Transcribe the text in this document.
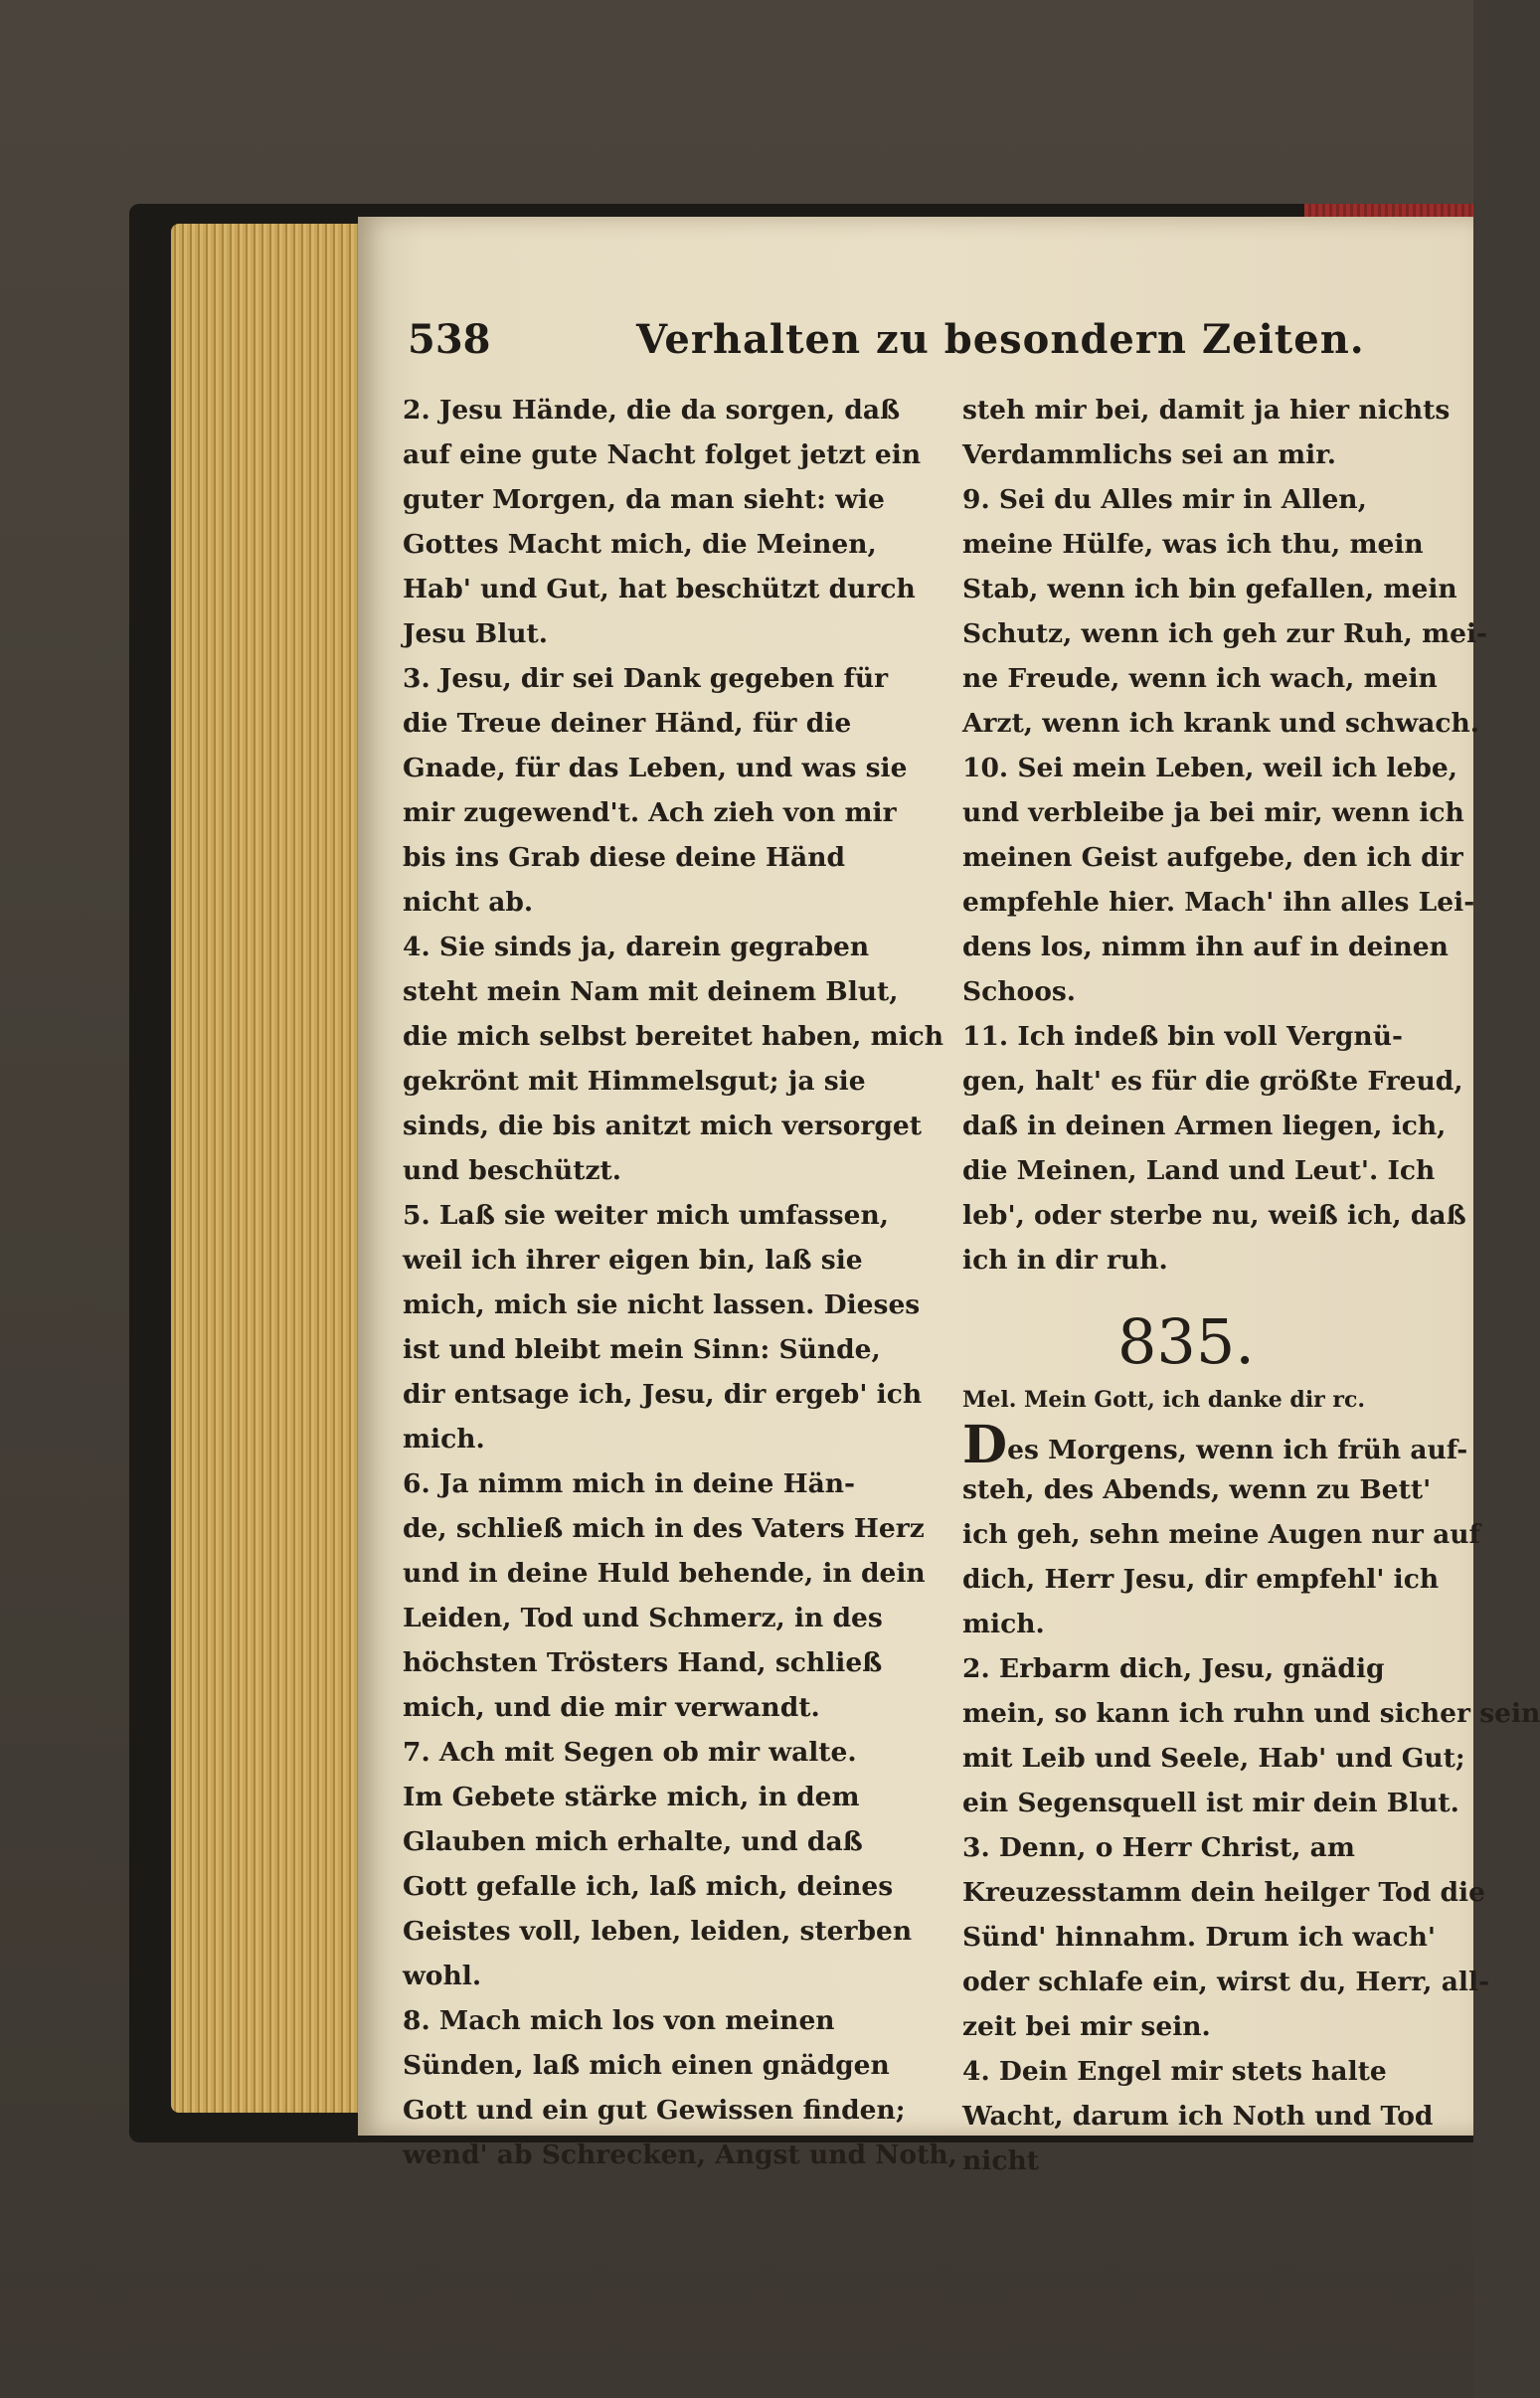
538	Verhalten zu besondern Zeiten.
2. Jesu Hände, die da sorgen, daß
auf eine gute Nacht folget jetzt ein
guter Morgen, da man sieht: wie
Gottes Macht mich, die Meinen,
Hab' und Gut, hat beschützt durch
Jesu Blut.
3. Jesu, dir sei Dank gegeben für
die Treue deiner Händ, für die
Gnade, für das Leben, und was sie
mir zugewend't. Ach zieh von mir
bis ins Grab diese deine Händ
nicht ab.
4. Sie sinds ja, darein gegraben
steht mein Nam mit deinem Blut,
die mich selbst bereitet haben, mich
gekrönt mit Himmelsgut; ja sie
sinds, die bis anitzt mich versorget
und beschützt.
5. Laß sie weiter mich umfassen,
weil ich ihrer eigen bin, laß sie
mich, mich sie nicht lassen. Dieses
ist und bleibt mein Sinn: Sünde,
dir entsage ich, Jesu, dir ergeb' ich
mich.
6. Ja nimm mich in deine Hän-
de, schließ mich in des Vaters Herz
und in deine Huld behende, in dein
Leiden, Tod und Schmerz, in des
höchsten Trösters Hand, schließ
mich, und die mir verwandt.
7. Ach mit Segen ob mir walte.
Im Gebete stärke mich, in dem
Glauben mich erhalte, und daß
Gott gefalle ich, laß mich, deines
Geistes voll, leben, leiden, sterben
wohl.
8. Mach mich los von meinen
Sünden, laß mich einen gnädgen
Gott und ein gut Gewissen finden;
wend' ab Schrecken, Angst und Noth,
steh mir bei, damit ja hier nichts
Verdammlichs sei an mir.
9. Sei du Alles mir in Allen,
meine Hülfe, was ich thu, mein
Stab, wenn ich bin gefallen, mein
Schutz, wenn ich geh zur Ruh, mei-
ne Freude, wenn ich wach, mein
Arzt, wenn ich krank und schwach.
10. Sei mein Leben, weil ich lebe,
und verbleibe ja bei mir, wenn ich
meinen Geist aufgebe, den ich dir
empfehle hier. Mach' ihn alles Lei-
dens los, nimm ihn auf in deinen
Schoos.
11. Ich indeß bin voll Vergnü-
gen, halt' es für die größte Freud,
daß in deinen Armen liegen, ich,
die Meinen, Land und Leut'. Ich
leb', oder sterbe nu, weiß ich, daß
ich in dir ruh.
835.
Mel. Mein Gott, ich danke dir rc.
Des Morgens, wenn ich früh auf-
steh, des Abends, wenn zu Bett'
ich geh, sehn meine Augen nur auf
dich, Herr Jesu, dir empfehl' ich
mich.
2. Erbarm dich, Jesu, gnädig
mein, so kann ich ruhn und sicher sein
mit Leib und Seele, Hab' und Gut;
ein Segensquell ist mir dein Blut.
3. Denn, o Herr Christ, am
Kreuzesstamm dein heilger Tod die
Sünd' hinnahm. Drum ich wach'
oder schlafe ein, wirst du, Herr, all-
zeit bei mir sein.
4. Dein Engel mir stets halte
Wacht, darum ich Noth und Tod
nicht
